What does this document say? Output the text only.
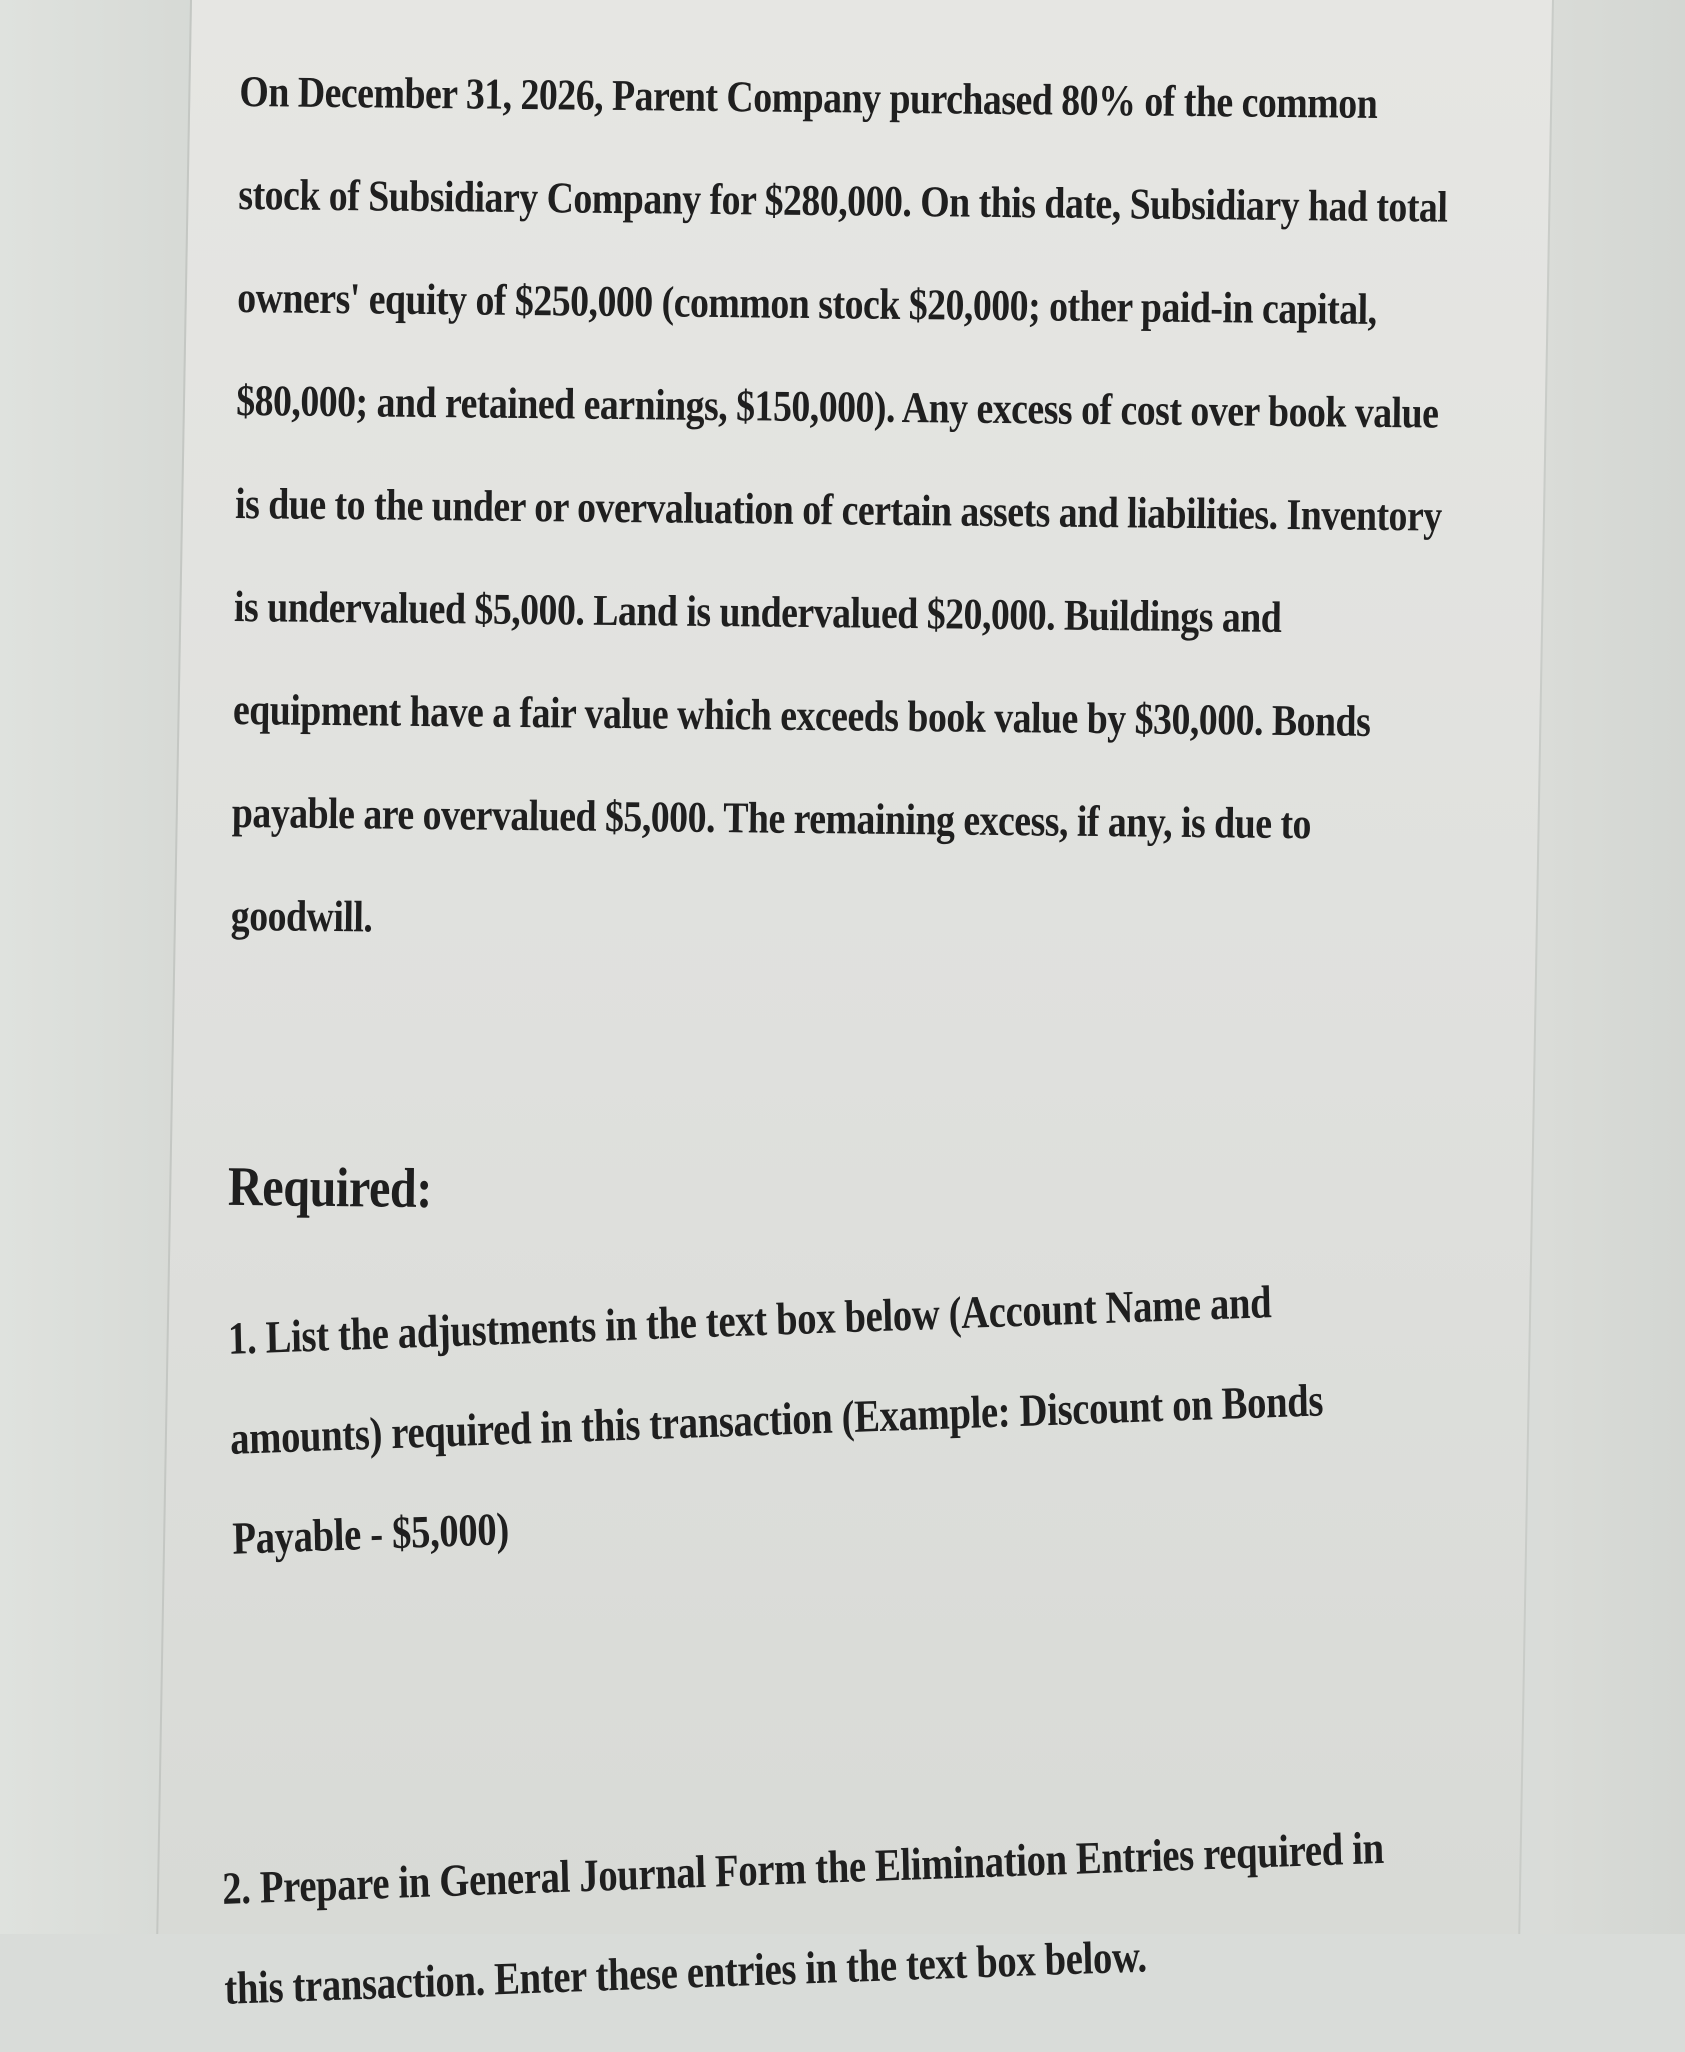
On December 31, 2026, Parent Company purchased 80% of the common stock of Subsidiary Company for $280,000. On this date, Subsidiary had total owners' equity of $250,000 (common stock $20,000; other paid-in capital, $80,000; and retained earnings, $150,000). Any excess of cost over book value is due to the under or overvaluation of certain assets and liabilities. Inventory is undervalued $5,000. Land is undervalued $20,000. Buildings and equipment have a fair value which exceeds book value by $30,000. Bonds payable are overvalued $5,000. The remaining excess, if any, is due to goodwill.

Required:

1. List the adjustments in the text box below (Account Name and amounts) required in this transaction (Example: Discount on Bonds Payable - $5,000)

2. Prepare in General Journal Form the Elimination Entries required in this transaction. Enter these entries in the text box below.
